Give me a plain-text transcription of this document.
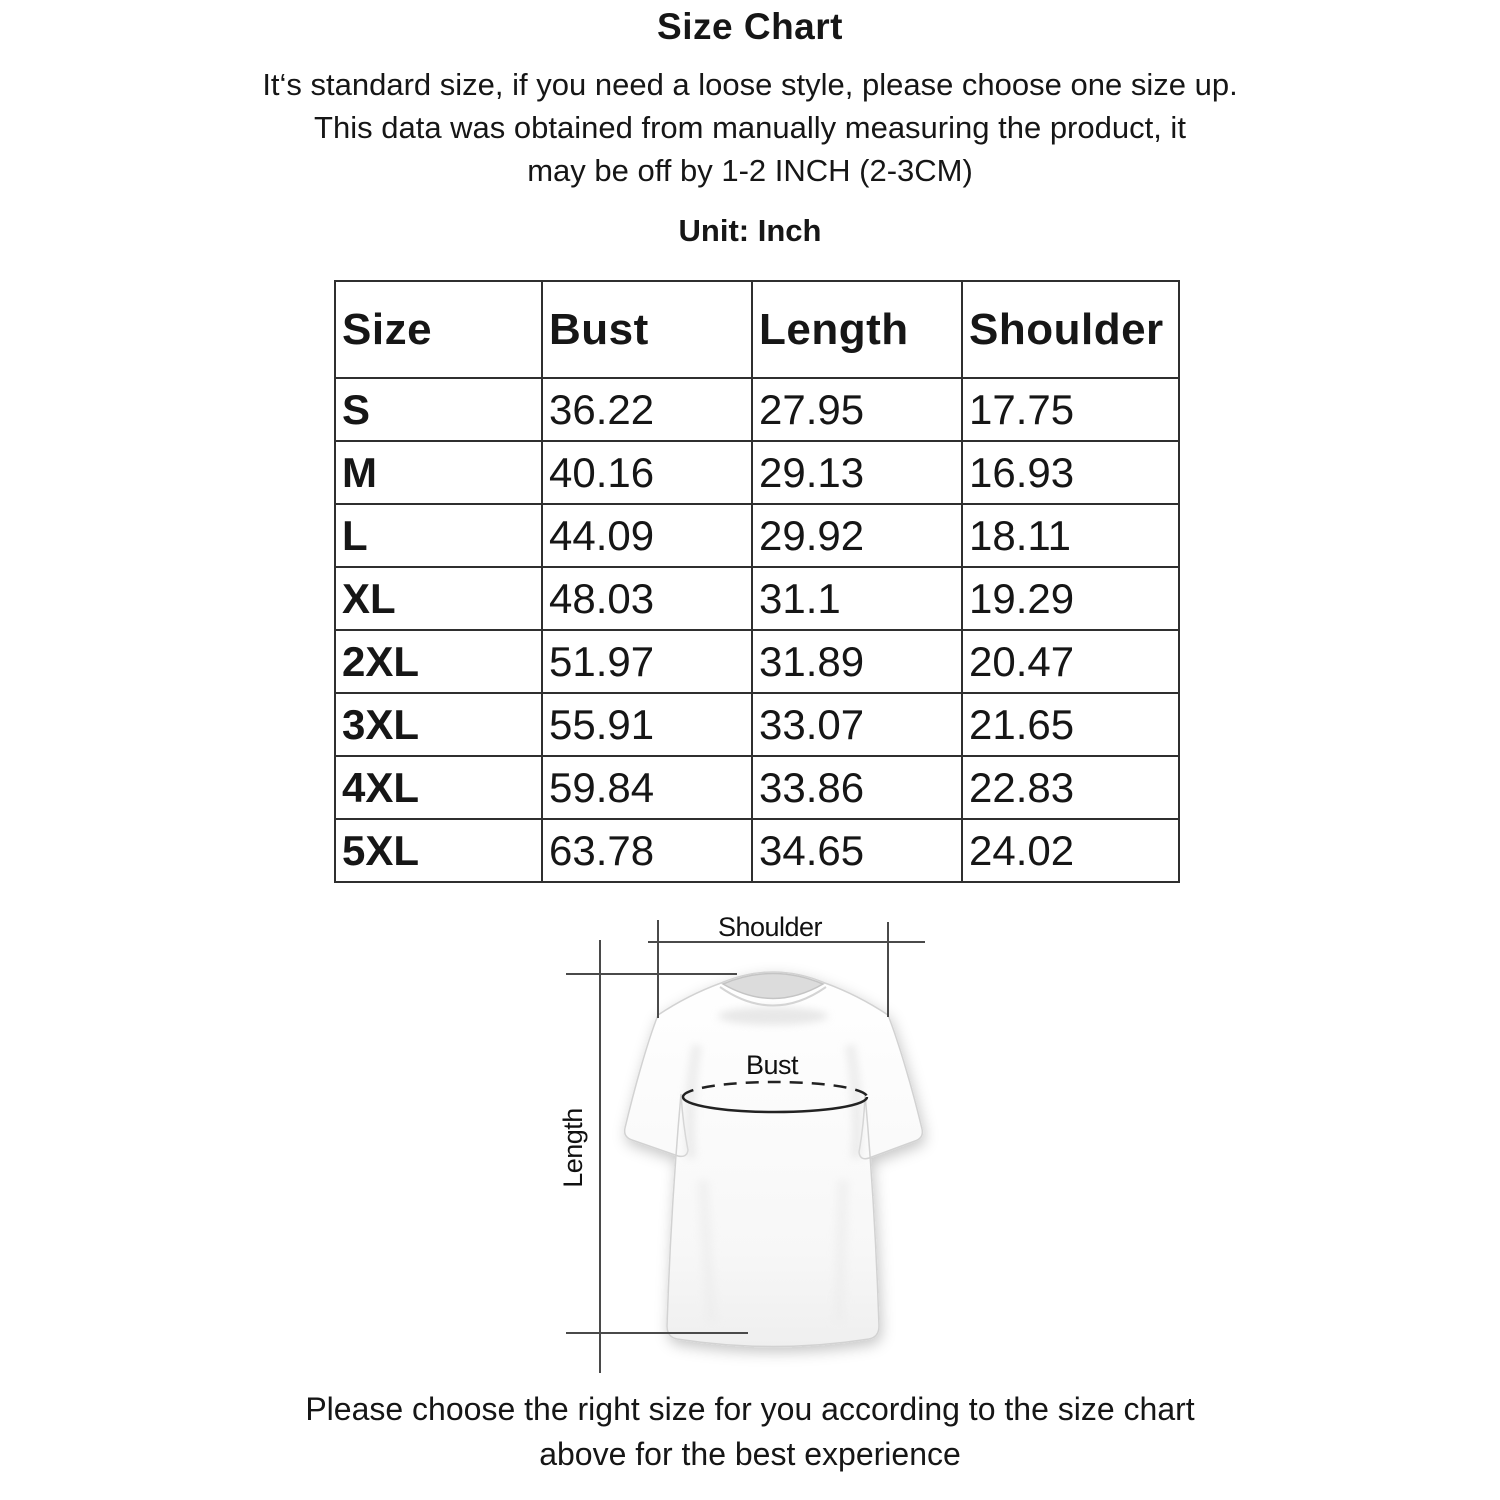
Size Chart
It‘s standard size, if you need a loose style, please choose one size up.
This data was obtained from manually measuring the product, it
may be off by 1-2 INCH (2-3CM)
Unit: Inch
Size	Bust	Length	Shoulder
S	36.22	27.95	17.75
M	40.16	29.13	16.93
L	44.09	29.92	18.11
XL	48.03	31.1	19.29
2XL	51.97	31.89	20.47
3XL	55.91	33.07	21.65
4XL	59.84	33.86	22.83
5XL	63.78	34.65	24.02
Shoulder
Bust
Length
Please choose the right size for you according to the size chart
above for the best experience
